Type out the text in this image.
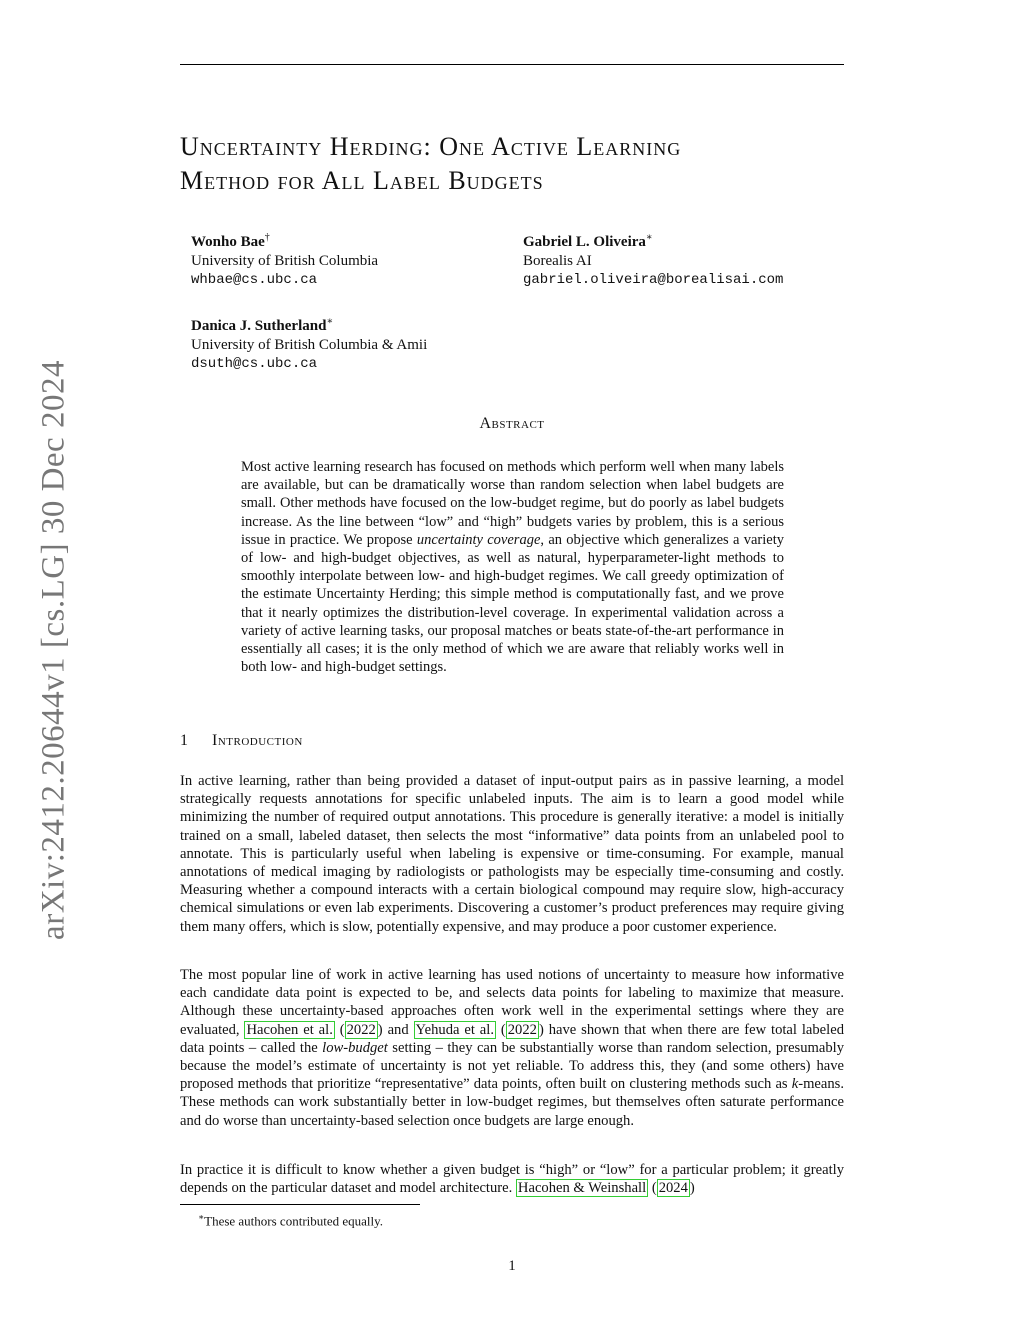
arXiv:2412.20644v1 [cs.LG] 30 Dec 2024
Uncertainty Herding: One Active Learning
Method for All Label Budgets
Wonho Bae†
University of British Columbia
whbae@cs.ubc.ca
Gabriel L. Oliveira∗
Borealis AI
gabriel.oliveira@borealisai.com
Danica J. Sutherland∗
University of British Columbia & Amii
dsuth@cs.ubc.ca
Abstract
Most active learning research has focused on methods which perform well when many labels are available, but can be dramatically worse than random selection when label budgets are small. Other methods have focused on the low-budget regime, but do poorly as label budgets increase. As the line between “low” and “high” budgets varies by problem, this is a serious issue in practice. We propose uncertainty coverage, an objective which generalizes a variety of low- and high-budget objectives, as well as natural, hyperparameter-light methods to smoothly interpolate between low- and high-budget regimes. We call greedy optimization of the estimate Uncertainty Herding; this simple method is computationally fast, and we prove that it nearly optimizes the distribution-level coverage. In experimental validation across a variety of active learning tasks, our proposal matches or beats state-of-the-art performance in essentially all cases; it is the only method of which we are aware that reliably works well in both low- and high-budget settings.
1 Introduction
In active learning, rather than being provided a dataset of input-output pairs as in passive learning, a model strategically requests annotations for specific unlabeled inputs. The aim is to learn a good model while minimizing the number of required output annotations. This procedure is generally iterative: a model is initially trained on a small, labeled dataset, then selects the most “informative” data points from an unlabeled pool to annotate. This is particularly useful when labeling is expensive or time-consuming. For example, manual annotations of medical imaging by radiologists or pathologists may be especially time-consuming and costly. Measuring whether a compound interacts with a certain biological compound may require slow, high-accuracy chemical simulations or even lab experiments. Discovering a customer’s product preferences may require giving them many offers, which is slow, potentially expensive, and may produce a poor customer experience.
The most popular line of work in active learning has used notions of uncertainty to measure how informative each candidate data point is expected to be, and selects data points for labeling to maximize that measure. Although these uncertainty-based approaches often work well in the experimental settings where they are evaluated, Hacohen et al. ( 2022 ) and Yehuda et al. ( 2022 ) have shown that when there are few total labeled data points – called the low-budget setting – they can be substantially worse than random selection, presumably because the model’s estimate of uncertainty is not yet reliable. To address this, they (and some others) have proposed methods that prioritize “representative” data points, often built on clustering methods such as k-means. These methods can work substantially better in low-budget regimes, but themselves often saturate performance and do worse than uncertainty-based selection once budgets are large enough.
In practice it is difficult to know whether a given budget is “high” or “low” for a particular problem; it greatly depends on the particular dataset and model architecture. Hacohen & Weinshall ( 2024 )
∗These authors contributed equally.
1
